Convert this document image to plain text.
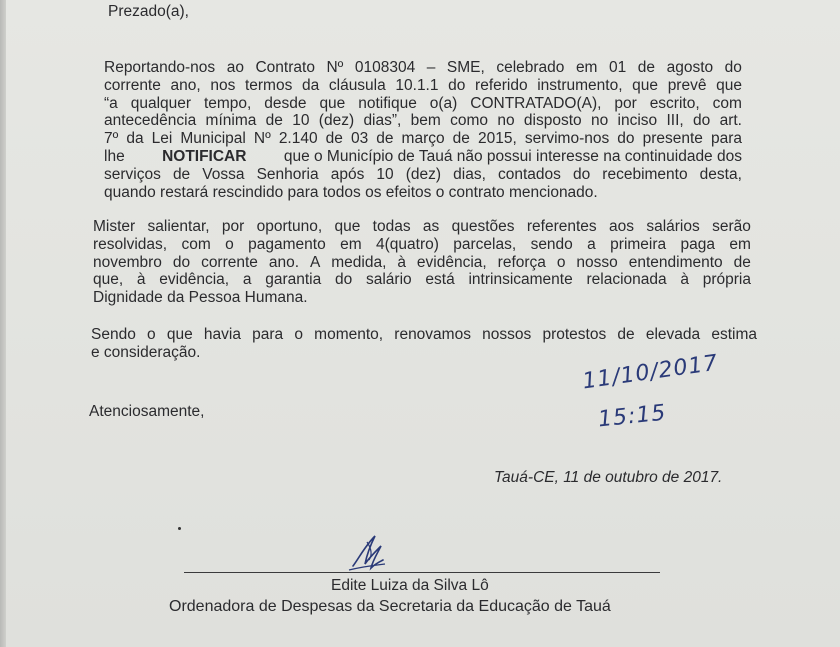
Prezado(a),
Reportando-nos ao Contrato Nº 0108304 – SME, celebrado em 01 de agosto do
corrente ano, nos termos da cláusula 10.1.1 do referido instrumento, que prevê que
“a qualquer tempo, desde que notifique o(a) CONTRATADO(A), por escrito, com
antecedência mínima de 10 (dez) dias”, bem como no disposto no inciso III, do art.
7º da Lei Municipal Nº 2.140 de 03 de março de 2015, servimo-nos do presente para
lhe NOTIFICAR que o Município de Tauá não possui interesse na continuidade dos
serviços de Vossa Senhoria após 10 (dez) dias, contados do recebimento desta,
quando restará rescindido para todos os efeitos o contrato mencionado.
Mister salientar, por oportuno, que todas as questões referentes aos salários serão
resolvidas, com o pagamento em 4(quatro) parcelas, sendo a primeira paga em
novembro do corrente ano. A medida, à evidência, reforça o nosso entendimento de
que, à evidência, a garantia do salário está intrinsicamente relacionada à própria
Dignidade da Pessoa Humana.
Sendo o que havia para o momento, renovamos nossos protestos de elevada estima
e consideração.	11/10/2017
15:15
Atenciosamente,
Tauá-CE, 11 de outubro de 2017.
Edite Luiza da Silva Lô
Ordenadora de Despesas da Secretaria da Educação de Tauá
